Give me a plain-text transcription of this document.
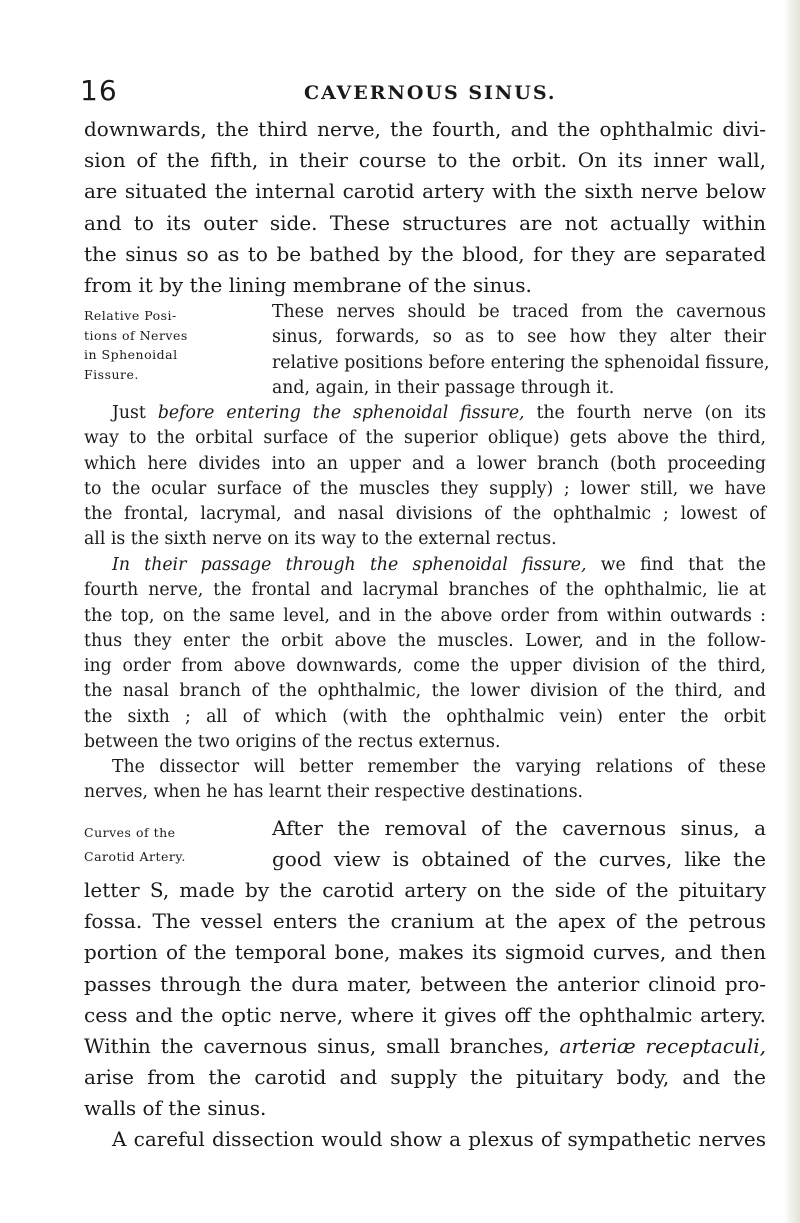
16	CAVERNOUS SINUS.
downwards, the third nerve, the fourth, and the ophthalmic divi-
sion of the fifth, in their course to the orbit. On its inner wall,
are situated the internal carotid artery with the sixth nerve below
and to its outer side. These structures are not actually within
the sinus so as to be bathed by the blood, for they are separated
from it by the lining membrane of the sinus.
Relative Posi-
tions of Nerves
in Sphenoidal
Fissure.
These nerves should be traced from the cavernous
sinus, forwards, so as to see how they alter their
relative positions before entering the sphenoidal fissure,
and, again, in their passage through it.
Just before entering the sphenoidal fissure, the fourth nerve (on its
way to the orbital surface of the superior oblique) gets above the third,
which here divides into an upper and a lower branch (both proceeding
to the ocular surface of the muscles they supply) ; lower still, we have
the frontal, lacrymal, and nasal divisions of the ophthalmic ; lowest of
all is the sixth nerve on its way to the external rectus.
In their passage through the sphenoidal fissure, we find that the
fourth nerve, the frontal and lacrymal branches of the ophthalmic, lie at
the top, on the same level, and in the above order from within outwards :
thus they enter the orbit above the muscles. Lower, and in the follow-
ing order from above downwards, come the upper division of the third,
the nasal branch of the ophthalmic, the lower division of the third, and
the sixth ; all of which (with the ophthalmic vein) enter the orbit
between the two origins of the rectus externus.
The dissector will better remember the varying relations of these
nerves, when he has learnt their respective destinations.
Curves of the
Carotid Artery.
After the removal of the cavernous sinus, a
good view is obtained of the curves, like the
letter S, made by the carotid artery on the side of the pituitary
fossa. The vessel enters the cranium at the apex of the petrous
portion of the temporal bone, makes its sigmoid curves, and then
passes through the dura mater, between the anterior clinoid pro-
cess and the optic nerve, where it gives off the ophthalmic artery.
Within the cavernous sinus, small branches, arteriæ receptaculi,
arise from the carotid and supply the pituitary body, and the
walls of the sinus.
A careful dissection would show a plexus of sympathetic nerves
